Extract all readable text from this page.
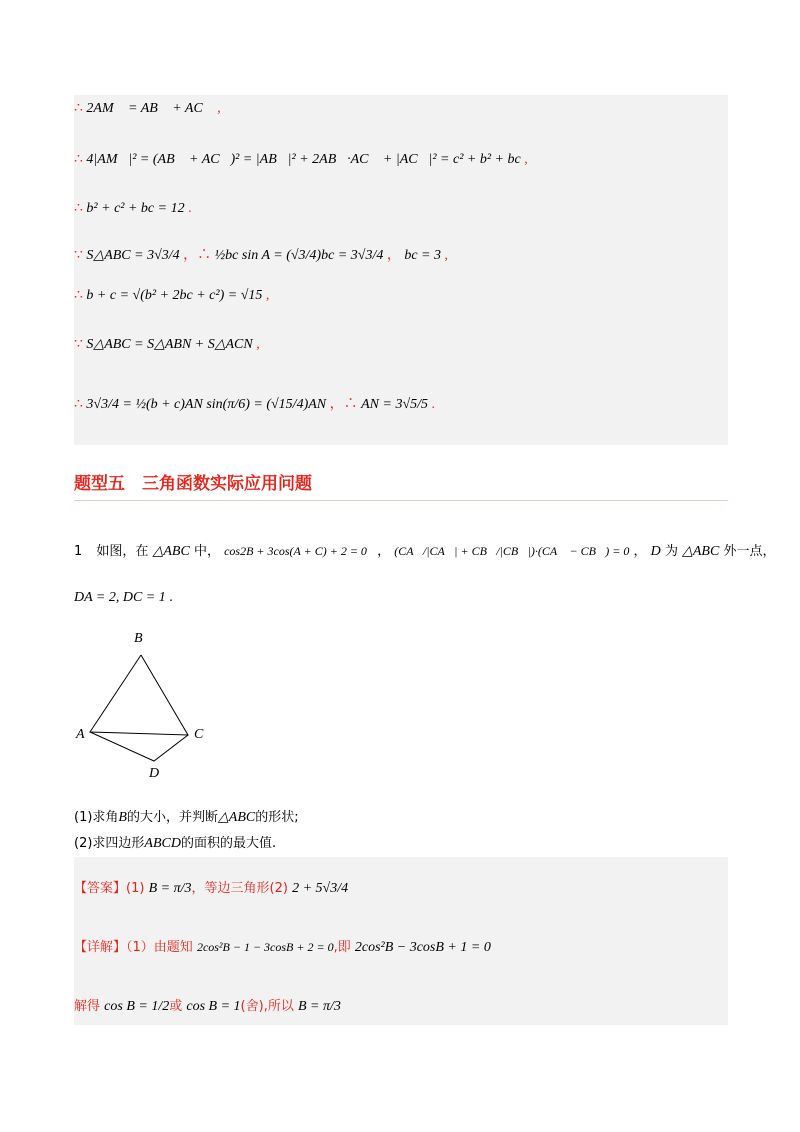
∴ 2AM⃗ = AB⃗ + AC⃗ ,
∴ 4|AM⃗|² = (AB⃗ + AC⃗)² = |AB⃗|² + 2AB⃗·AC⃗ + |AC⃗|² = c² + b² + bc ,
∴ b² + c² + bc = 12 .
∵ S△ABC = 3√3/4 ，∴ ½bc sin A = (√3/4)bc = 3√3/4 ， bc = 3 ,
∴ b + c = √(b² + 2bc + c²) = √15 ,
∵ S△ABC = S△ABN + S△ACN ,
∴ 3√3/4 = ½(b + c)AN sin(π/6) = (√15/4)AN ，∴ AN = 3√5/5 .
题型五　三角函数实际应用问题
1 如图，在 △ABC 中， cos2B + 3cos(A + C) + 2 = 0 ， (CA⃗/|CA⃗| + CB⃗/|CB⃗|)·(CA⃗ − CB⃗) = 0 ， D 为 △ABC 外一点，
DA = 2, DC = 1 .
B
A	C
D
(1)求角B的大小，并判断△ABC的形状;
(2)求四边形ABCD的面积的最大值.
【答案】(1) B = π/3，等边三角形(2) 2 + 5√3/4
【详解】（1）由题知 2cos²B − 1 − 3cosB + 2 = 0,即 2cos²B − 3cosB + 1 = 0
解得 cos B = 1/2或 cos B = 1(舍),所以 B = π/3
